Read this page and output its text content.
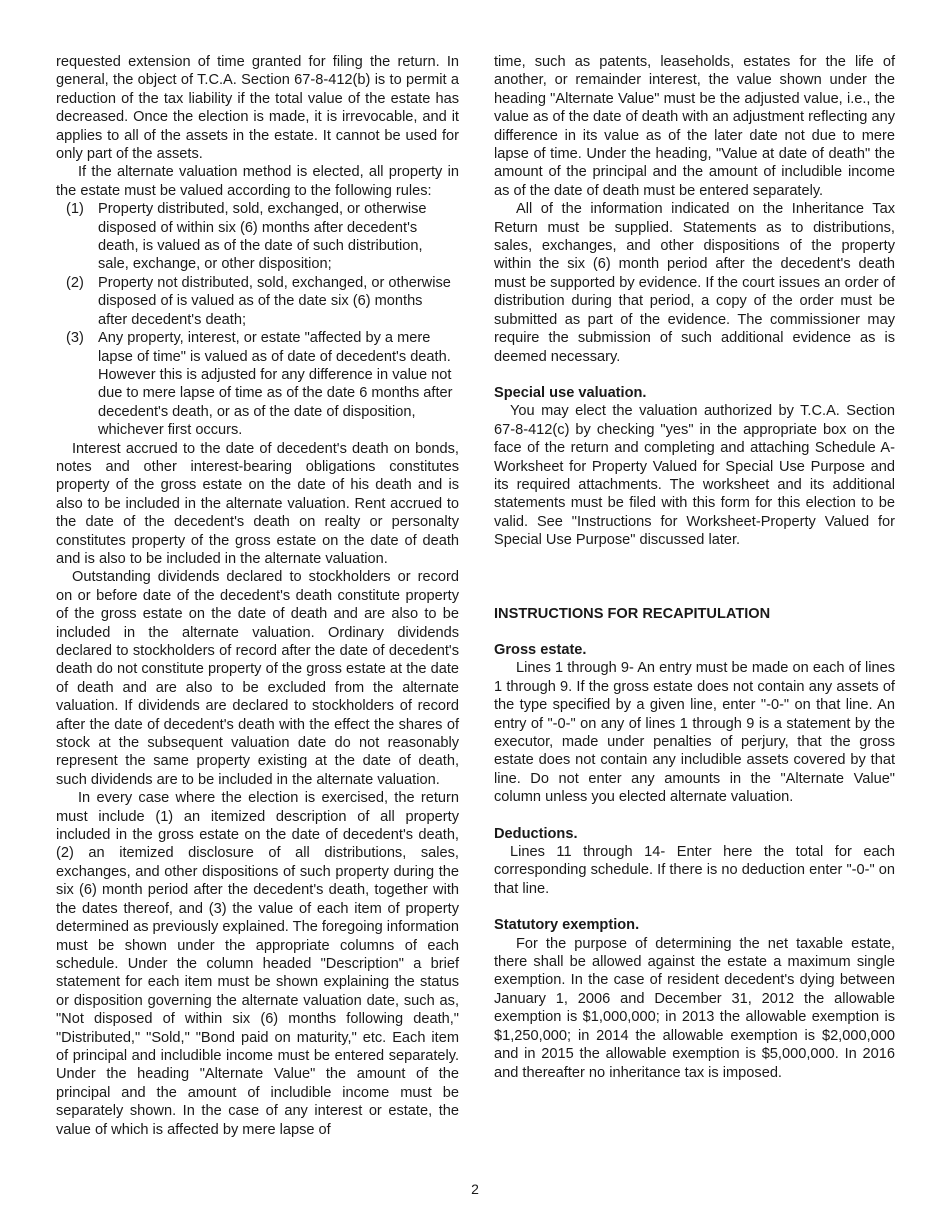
requested extension of time granted for filing the return. In general, the object of T.C.A. Section 67-8-412(b) is to permit a reduction of the tax liability if the total value of the estate has decreased. Once the election is made, it is irrevocable, and it applies to all of the assets in the estate. It cannot be used for only part of the assets.

If the alternate valuation method is elected, all property in the estate must be valued according to the following rules:

(1) Property distributed, sold, exchanged, or otherwise disposed of within six (6) months after decedent's death, is valued as of the date of such distribution, sale, exchange, or other disposition;
(2) Property not distributed, sold, exchanged, or otherwise disposed of is valued as of the date six (6) months after decedent's death;
(3) Any property, interest, or estate "affected by a mere lapse of time" is valued as of date of decedent's death. However this is adjusted for any difference in value not due to mere lapse of time as of the date 6 months after decedent's death, or as of the date of disposition, whichever first occurs.

Interest accrued to the date of decedent's death on bonds, notes and other interest-bearing obligations constitutes property of the gross estate on the date of his death and is also to be included in the alternate valuation. Rent accrued to the date of the decedent's death on realty or personalty constitutes property of the gross estate on the date of death and is also to be included in the alternate valuation.

Outstanding dividends declared to stockholders or record on or before date of the decedent's death constitute property of the gross estate on the date of death and are also to be included in the alternate valuation. Ordinary dividends declared to stockholders of record after the date of decedent's death do not constitute property of the gross estate at the date of death and are also to be excluded from the alternate valuation. If dividends are declared to stockholders of record after the date of decedent's death with the effect the shares of stock at the subsequent valuation date do not reasonably represent the same property existing at the date of death, such dividends are to be included in the alternate valuation.

In every case where the election is exercised, the return must include (1) an itemized description of all property included in the gross estate on the date of decedent's death, (2) an itemized disclosure of all distributions, sales, exchanges, and other dispositions of such property during the six (6) month period after the decedent's death, together with the dates thereof, and (3) the value of each item of property determined as previously explained. The foregoing information must be shown under the appropriate columns of each schedule. Under the column headed "Description" a brief statement for each item must be shown explaining the status or disposition governing the alternate valuation date, such as, "Not disposed of within six (6) months following death," "Distributed," "Sold," "Bond paid on maturity," etc. Each item of principal and includible income must be entered separately. Under the heading "Alternate Value" the amount of the principal and the amount of includible income must be separately shown. In the case of any interest or estate, the value of which is affected by mere lapse of

time, such as patents, leaseholds, estates for the life of another, or remainder interest, the value shown under the heading "Alternate Value" must be the adjusted value, i.e., the value as of the date of death with an adjustment reflecting any difference in its value as of the later date not due to mere lapse of time. Under the heading, "Value at date of death" the amount of the principal and the amount of includible income as of the date of death must be entered separately.

All of the information indicated on the Inheritance Tax Return must be supplied. Statements as to distributions, sales, exchanges, and other dispositions of the property within the six (6) month period after the decedent's death must be supported by evidence. If the court issues an order of distribution during that period, a copy of the order must be submitted as part of the evidence. The commissioner may require the submission of such additional evidence as is deemed necessary.

Special use valuation.

You may elect the valuation authorized by T.C.A. Section 67-8-412(c) by checking "yes" in the appropriate box on the face of the return and completing and attaching Schedule A-Worksheet for Property Valued for Special Use Purpose and its required attachments. The worksheet and its additional statements must be filed with this form for this election to be valid. See "Instructions for Worksheet-Property Valued for Special Use Purpose" discussed later.

INSTRUCTIONS FOR RECAPITULATION
Gross estate.

Lines 1 through 9- An entry must be made on each of lines 1 through 9. If the gross estate does not contain any assets of the type specified by a given line, enter "-0-" on that line. An entry of "-0-" on any of lines 1 through 9 is a statement by the executor, made under penalties of perjury, that the gross estate does not contain any includible assets covered by that line. Do not enter any amounts in the "Alternate Value" column unless you elected alternate valuation.

Deductions.

Lines 11 through 14- Enter here the total for each corresponding schedule. If there is no deduction enter "-0-" on that line.

Statutory exemption.

For the purpose of determining the net taxable estate, there shall be allowed against the estate a maximum single exemption. In the case of resident decedent's dying between January 1, 2006 and December 31, 2012 the allowable exemption is $1,000,000; in 2013 the allowable exemption is $1,250,000; in 2014 the allowable exemption is $2,000,000 and in 2015 the allowable exemption is $5,000,000. In 2016 and thereafter no inheritance tax is imposed.

2
